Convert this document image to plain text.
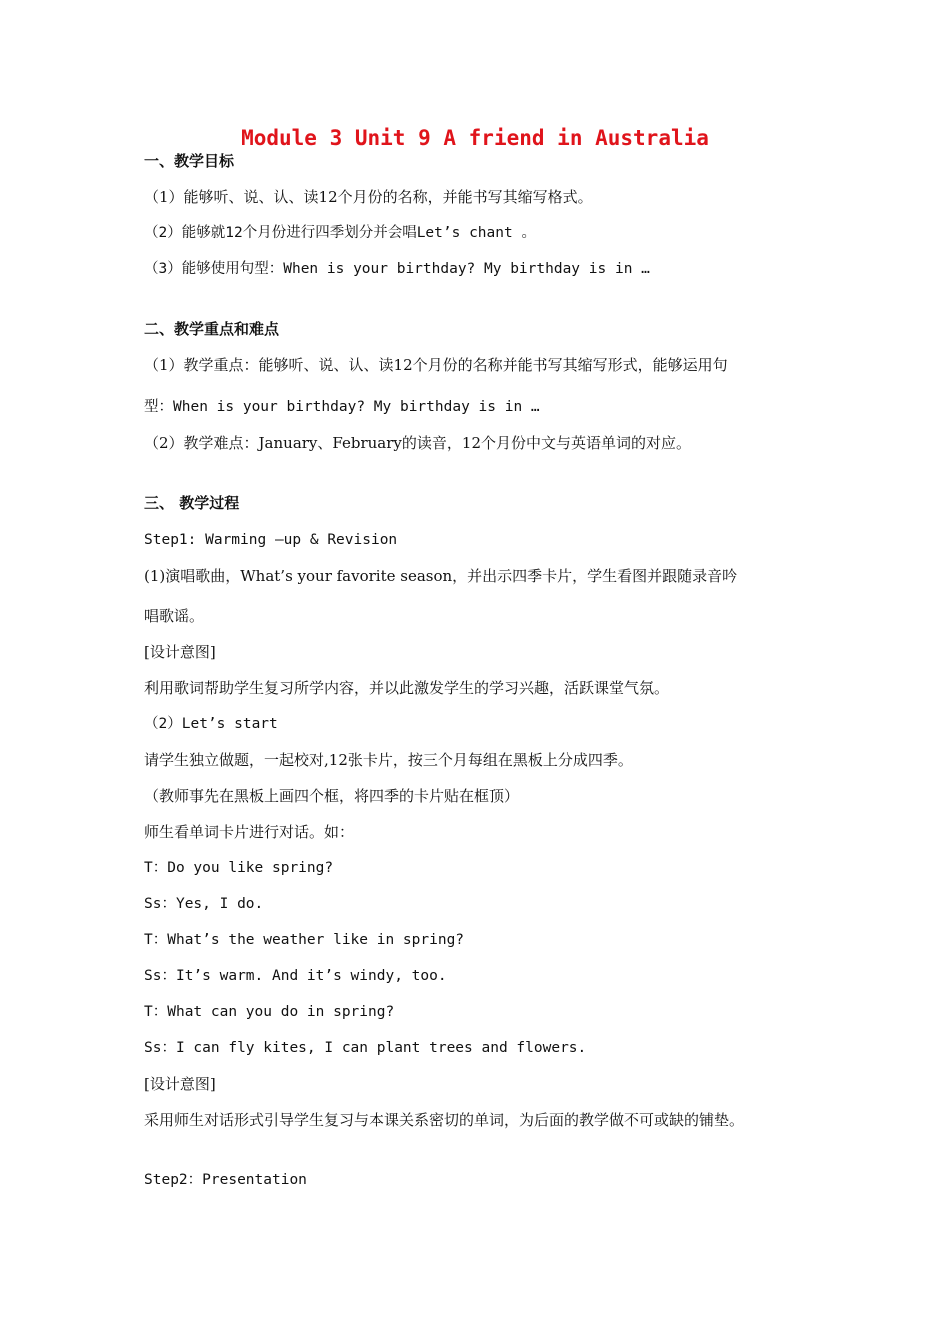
Module 3 Unit 9 A friend in Australia
一、教学目标
（1）能够听、说、认、读12个月份的名称，并能书写其缩写格式。
（2）能够就12个月份进行四季划分并会唱Let’s chant 。
（3）能够使用句型：When is your birthday? My birthday is in …
二、教学重点和难点
（1）教学重点：能够听、说、认、读12个月份的名称并能书写其缩写形式，能够运用句
型：When is your birthday? My birthday is in …
（2）教学难点：January、February的读音，12个月份中文与英语单词的对应。
三、 教学过程
Step1: Warming –up & Revision
(1)演唱歌曲，What’s your favorite season，并出示四季卡片，学生看图并跟随录音吟
唱歌谣。
[设计意图]
利用歌词帮助学生复习所学内容，并以此激发学生的学习兴趣，活跃课堂气氛。
（2）Let’s start
请学生独立做题，一起校对,12张卡片，按三个月每组在黑板上分成四季。
（教师事先在黑板上画四个框，将四季的卡片贴在框顶）
师生看单词卡片进行对话。如：
T：Do you like spring?
Ss：Yes, I do.
T：What’s the weather like in spring?
Ss：It’s warm. And it’s windy, too.
T：What can you do in spring?
Ss：I can fly kites, I can plant trees and flowers.
[设计意图]
采用师生对话形式引导学生复习与本课关系密切的单词，为后面的教学做不可或缺的铺垫。
Step2：Presentation
